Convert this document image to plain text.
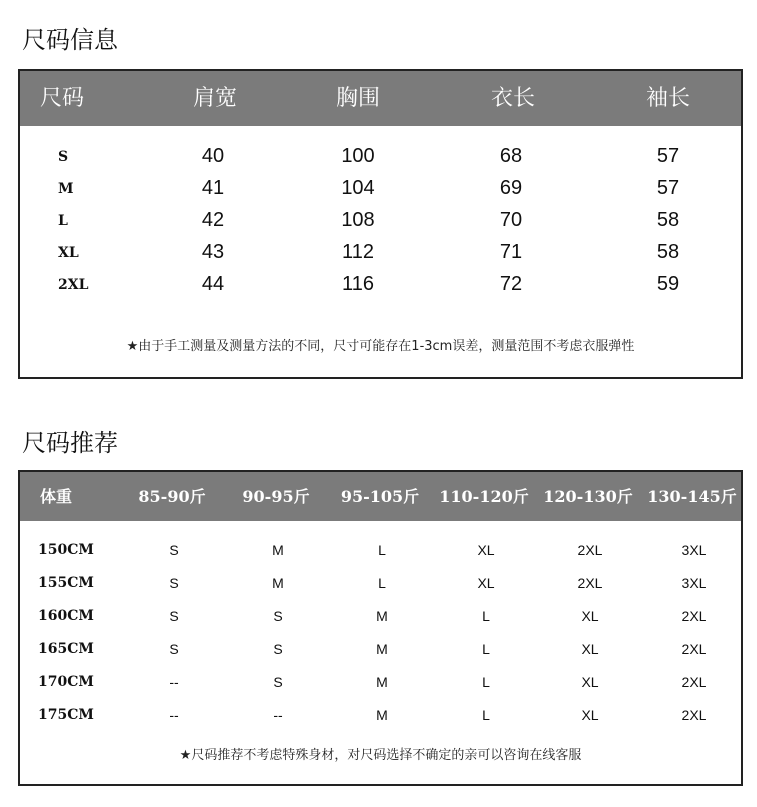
尺码信息
尺码	肩宽	胸围	衣长	袖长
S	40	100	68	57
M	41	104	69	57
L	42	108	70	58
XL	43	112	71	58
2XL	44	116	72	59
★由于手工测量及测量方法的不同，尺寸可能存在1-3cm误差，测量范围不考虑衣服弹性
尺码推荐
体重	85-90斤 90-95斤 95-105斤 110-120斤 120-130斤 130-145斤
150CM	S	M	L	XL	2XL	3XL
155CM	S	M	L	XL	2XL	3XL
160CM	S	S	M	L	XL	2XL
165CM	S	S	M	L	XL	2XL
170CM	--	S	M	L	XL	2XL
175CM	--	--	M	L	XL	2XL
★尺码推荐不考虑特殊身材，对尺码选择不确定的亲可以咨询在线客服
